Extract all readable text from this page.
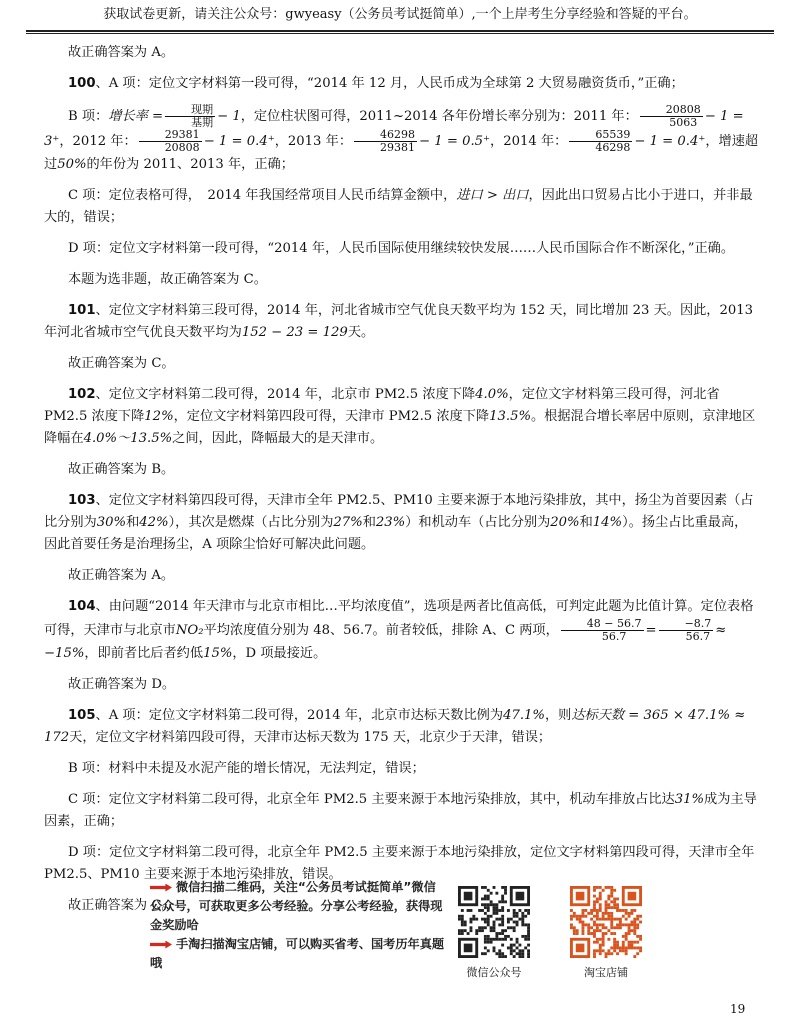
获取试卷更新，请关注公众号：gwyeasy（公务员考试挺简单）,一个上岸考生分享经验和答疑的平台。

故正确答案为 A。

100、A 项：定位文字材料第一段可得，“2014 年 12 月，人民币成为全球第 2 大贸易融资货币，”正确；

B 项：增长率 = $\frac{\text{现期}}{\text{基期}} - 1$，定位柱状图可得，2011~2014 各年份增长率分别为：2011 年： $\frac{20808}{5063} - 1 = 3^+$，2012 年： $\frac{29381}{20808} - 1 = 0.4^+$，2013 年： $\frac{46298}{29381} - 1 = 0.5^+$，2014 年： $\frac{65539}{46298} - 1 = 0.4^+$，增速超过50%的年份为 2011、2013 年，正确；

C 项：定位表格可得，　2014 年我国经常项目人民币结算金额中，进口 > 出口，因此出口贸易占比小于进口，并非最大的，错误；

D 项：定位文字材料第一段可得，“2014 年，人民币国际使用继续较快发展……人民币国际合作不断深化，”正确。

本题为选非题，故正确答案为 C。

101、定位文字材料第三段可得，2014 年，河北省城市空气优良天数平均为 152 天，同比增加 23 天。因此，2013 年河北省城市空气优良天数平均为152 − 23 = 129天。

故正确答案为 C。

102、定位文字材料第二段可得，2014 年，北京市 PM2.5 浓度下降4.0%，定位文字材料第三段可得，河北省 PM2.5 浓度下降12%，定位文字材料第四段可得，天津市 PM2.5 浓度下降13.5%。根据混合增长率居中原则，京津地区降幅在4.0%～13.5%之间，因此，降幅最大的是天津市。

故正确答案为 B。

103、定位文字材料第四段可得，天津市全年 PM2.5、PM10 主要来源于本地污染排放，其中，扬尘为首要因素（占比分别为30%和42%），其次是燃煤（占比分别为27%和23%）和机动车（占比分别为20%和14%）。扬尘占比重最高，因此首要任务是治理扬尘，A 项除尘恰好可解决此问题。

故正确答案为 A。

104、由问题“2014 年天津市与北京市相比…平均浓度值”，选项是两者比值高低，可判定此题为比值计算。定位表格可得，天津市与北京市NO₂平均浓度值分别为 48、56.7。前者较低，排除 A、C 两项， $\frac{48 - 56.7}{56.7} = \frac{-8.7}{56.7} \approx -15\%$，即前者比后者约低15%，D 项最接近。

故正确答案为 D。

105、A 项：定位文字材料第二段可得，2014 年，北京市达标天数比例为47.1%，则达标天数 = 365 × 47.1% ≈ 172天，定位文字材料第四段可得，天津市达标天数为 175 天，北京少于天津，错误；

B 项：材料中未提及水泥产能的增长情况，无法判定，错误；

C 项：定位文字材料第二段可得，北京全年 PM2.5 主要来源于本地污染排放，其中，机动车排放占比达31%成为主导因素，正确；

D 项：定位文字材料第二段可得，北京全年 PM2.5 主要来源于本地污染排放，定位文字材料第四段可得，天津市全年 PM2.5、PM10 主要来源于本地污染排放，错误。

故正确答案为 C。

微信扫描二维码，关注“公务员考试挺简单”微信公众号，可获取更多公考经验。分享公考经验，获得现金奖励哈
手淘扫描淘宝店铺，可以购买省考、国考历年真题哦
微信公众号	淘宝店铺
19
